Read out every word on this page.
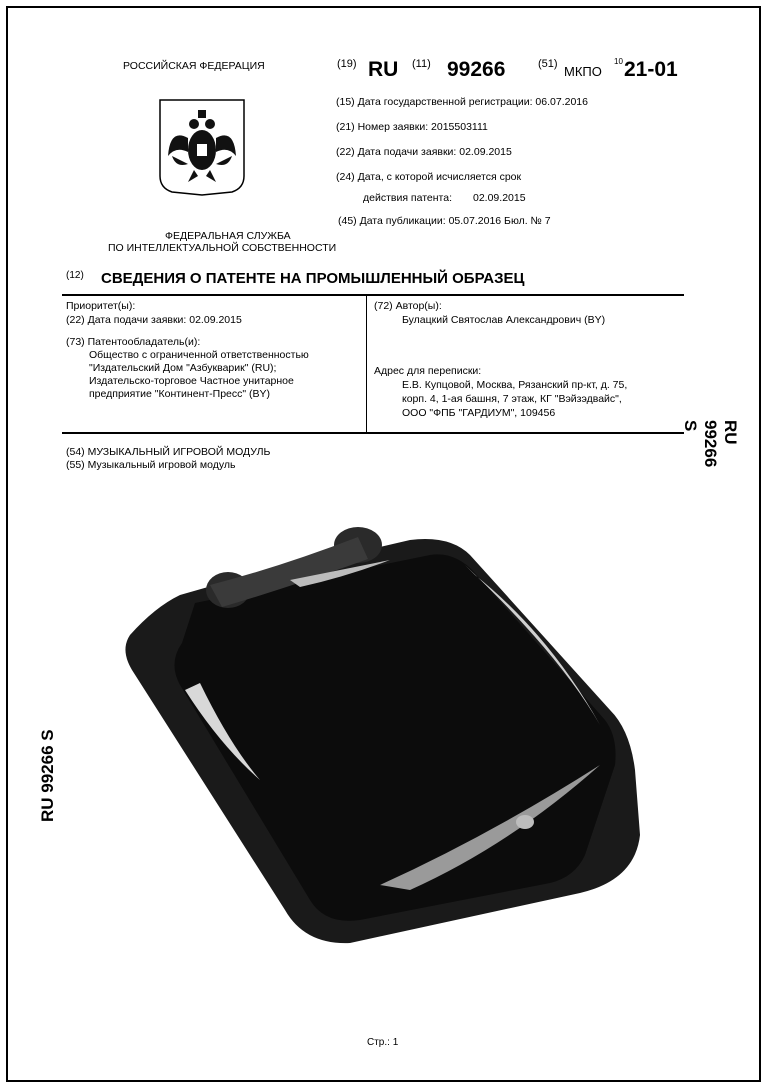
РОССИЙСКАЯ ФЕДЕРАЦИЯ
ФЕДЕРАЛЬНАЯ СЛУЖБА
ПО ИНТЕЛЛЕКТУАЛЬНОЙ СОБСТВЕННОСТИ
(19) RU (11) 99266	(51) МКПО
10 21-01
(15) Дата государственной регистрации: 06.07.2016
(21) Номер заявки: 2015503111
(22) Дата подачи заявки: 02.09.2015
(24) Дата, с которой исчисляется срок
действия патента: 02.09.2015
(45) Дата публикации: 05.07.2016 Бюл. № 7
(12) СВЕДЕНИЯ О ПАТЕНТЕ НА ПРОМЫШЛЕННЫЙ ОБРАЗЕЦ
Приоритет(ы):
(22) Дата подачи заявки: 02.09.2015
(73) Патентообладатель(и):
Общество с ограниченной ответственностью
"Издательский Дом "Азбукварик" (RU);
Издательско-торговое Частное унитарное
предприятие "Континент-Пресс" (BY)
(72) Автор(ы):
Булацкий Святослав Александрович (BY)
Адрес для переписки:
Е.В. Купцовой, Москва, Рязанский пр-кт, д. 75,
корп. 4, 1-ая башня, 7 этаж, КГ "Вэйзэдвайс",
ООО "ФПБ "ГАРДИУМ", 109456
(54) МУЗЫКАЛЬНЫЙ ИГРОВОЙ МОДУЛЬ
(55) Музыкальный игровой модуль
RU 99266 S
RU 99266 S
Стр.: 1
